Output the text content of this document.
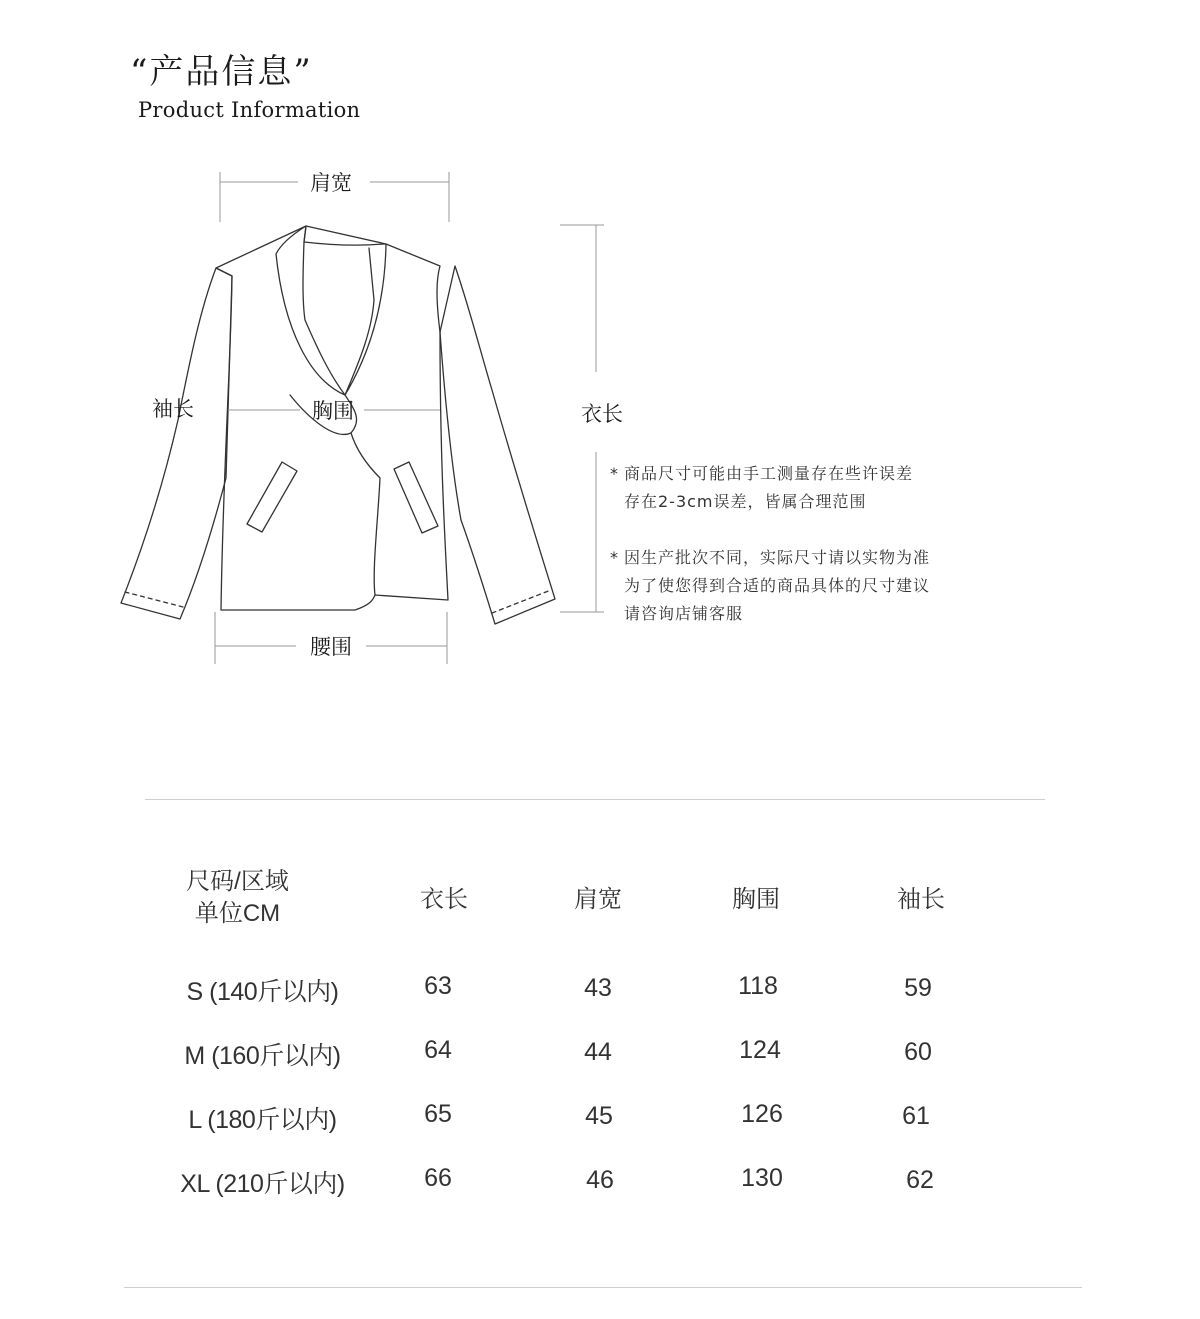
“产品信息”
Product Information
肩宽
袖长	胸围	衣长
腰围
* 商品尺寸可能由手工测量存在些许误差
存在2-3cm误差，皆属合理范围
* 因生产批次不同，实际尺寸请以实物为准
为了使您得到合适的商品具体的尺寸建议
请咨询店铺客服
尺码/区域
单位CM
衣长	肩宽	胸围	袖长
S (140斤以内)	63	43	118	59
M (160斤以内)	64	44	124	60
L (180斤以内)	65	45	126	61
XL (210斤以内)	66	46	130	62
